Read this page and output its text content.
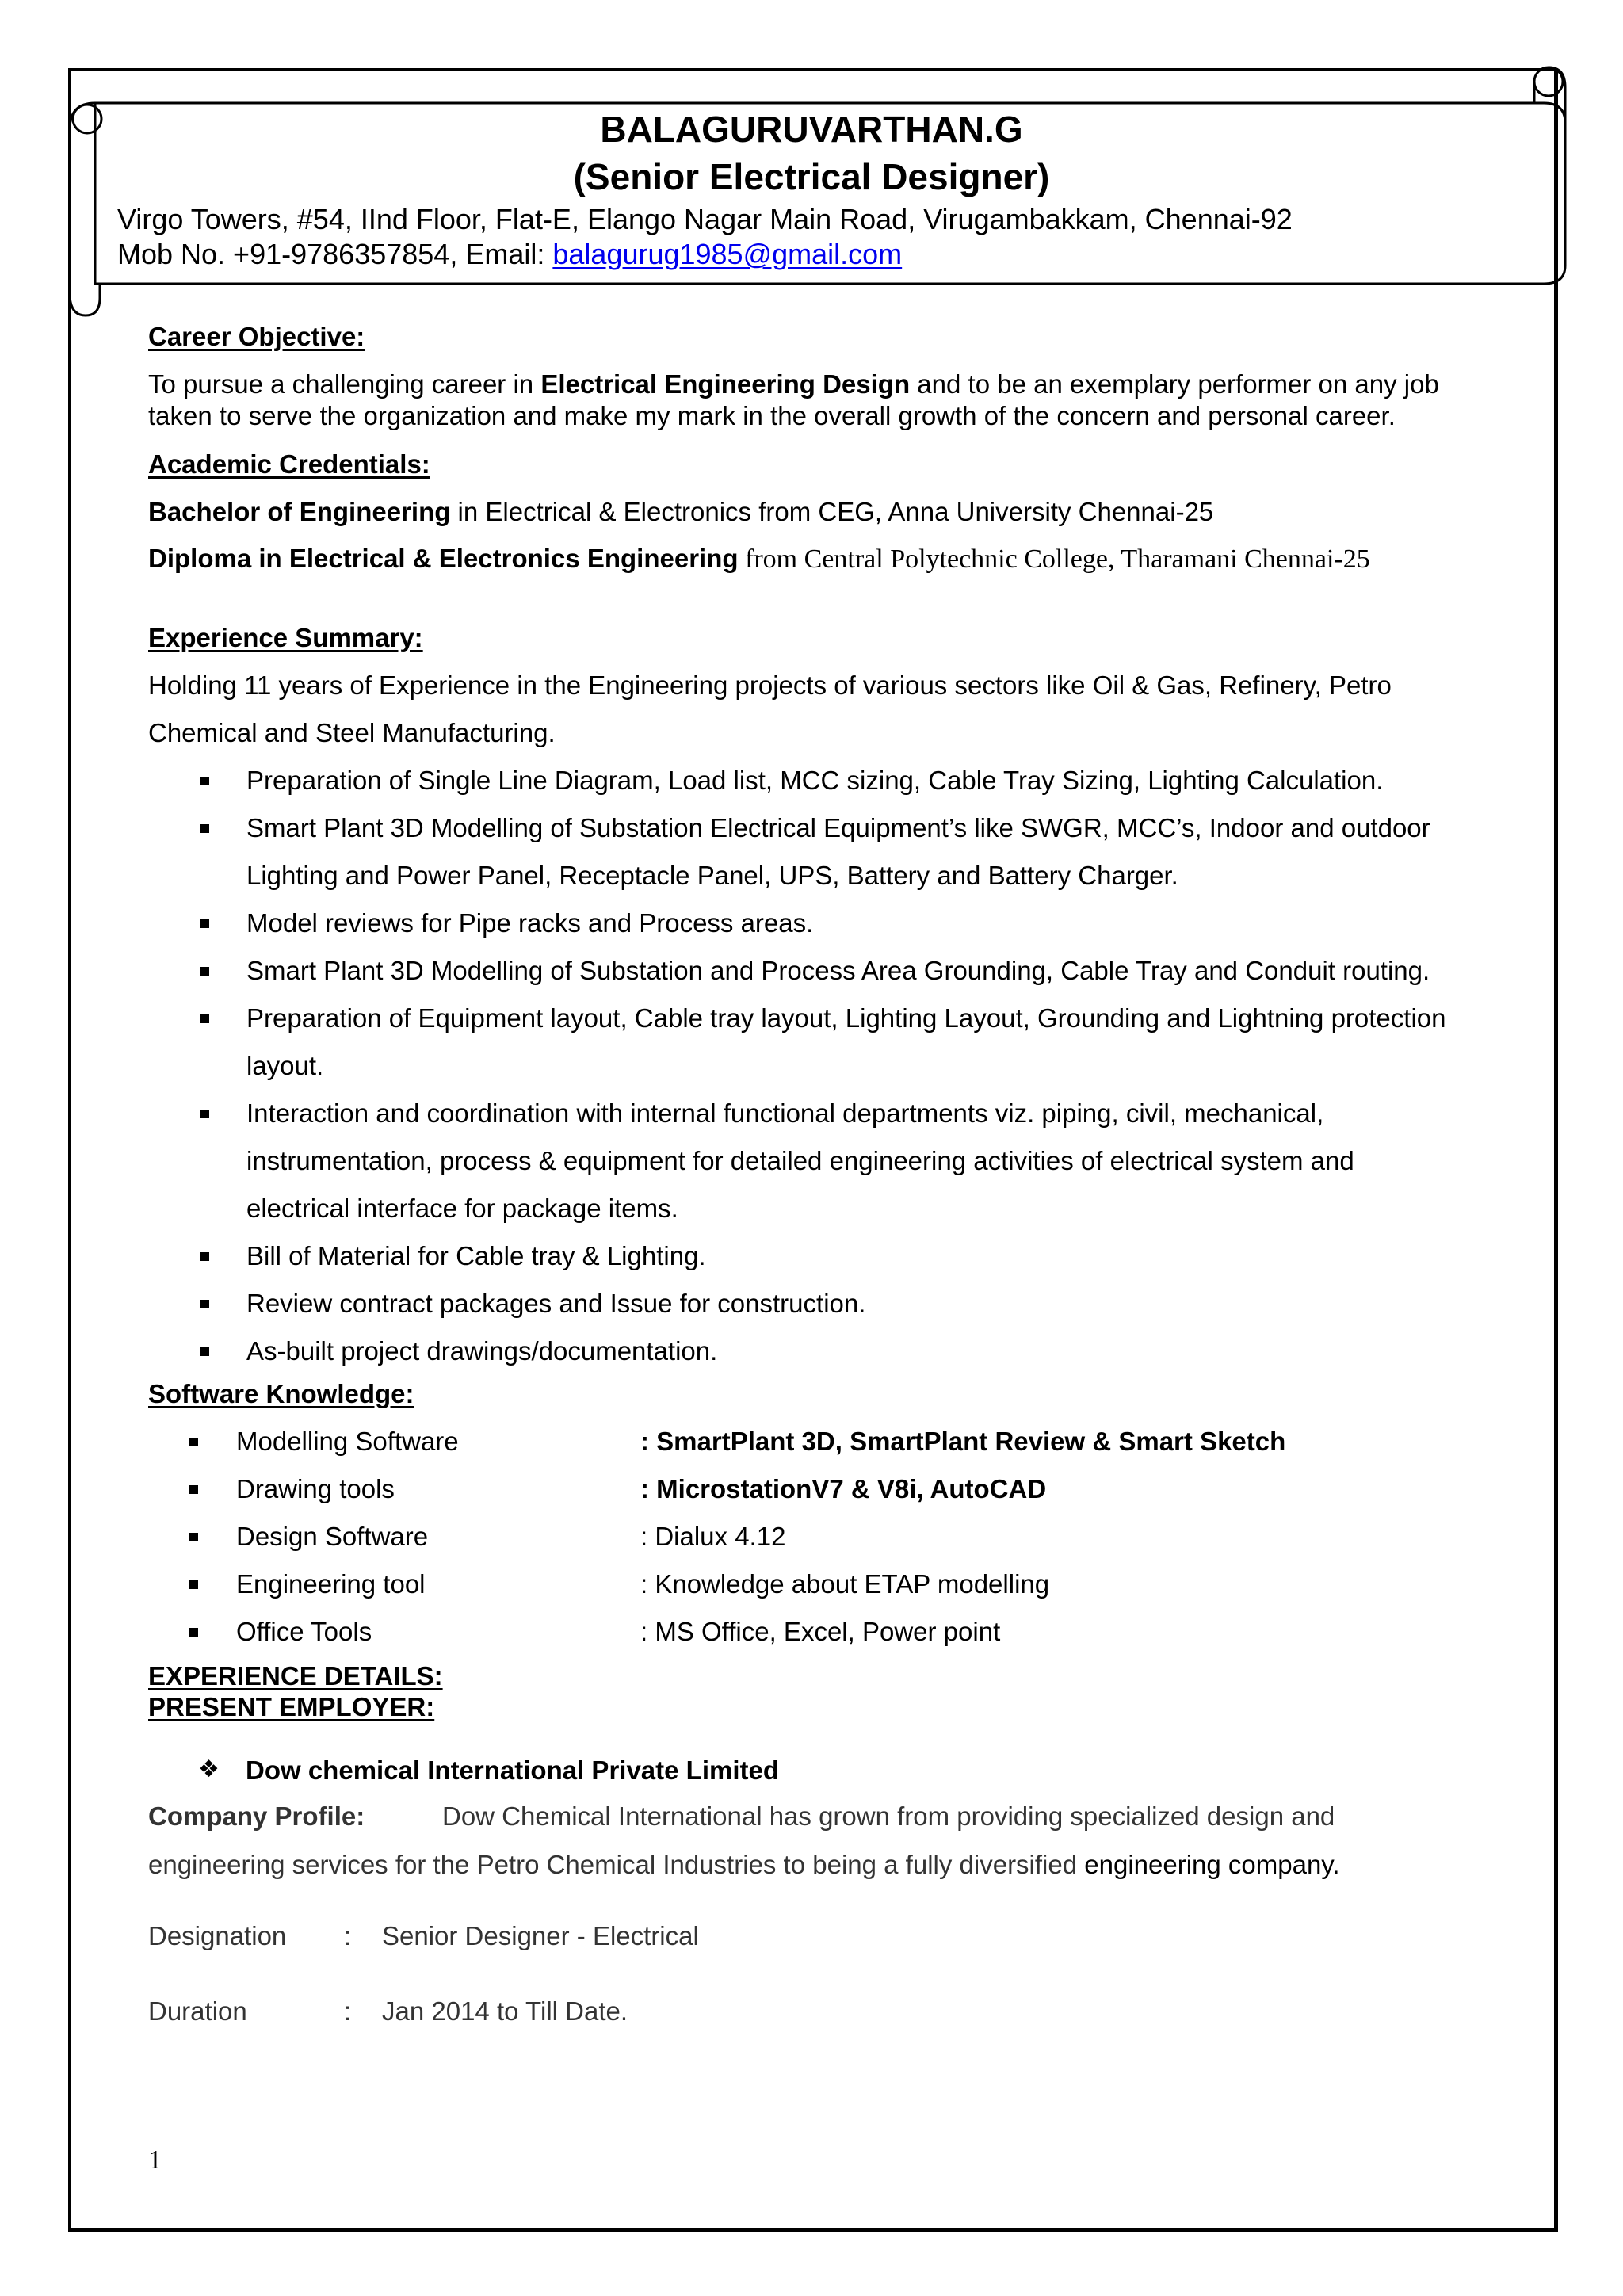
BALAGURUVARTHAN.G
(Senior Electrical Designer)
Virgo Towers, #54, IInd Floor, Flat-E, Elango Nagar Main Road, Virugambakkam, Chennai-92
Mob No. +91-9786357854, Email: balagurug1985@gmail.com
Career Objective:
To pursue a challenging career in Electrical Engineering Design and to be an exemplary performer on any job
taken to serve the organization and make my mark in the overall growth of the concern and personal career.
Academic Credentials:
Bachelor of Engineering in Electrical & Electronics from CEG, Anna University Chennai-25
Diploma in Electrical & Electronics Engineering from Central Polytechnic College, Tharamani Chennai-25
Experience Summary:
Holding 11 years of Experience in the Engineering projects of various sectors like Oil & Gas, Refinery, Petro
Chemical and Steel Manufacturing.
Preparation of Single Line Diagram, Load list, MCC sizing, Cable Tray Sizing, Lighting Calculation.
Smart Plant 3D Modelling of Substation Electrical Equipment’s like SWGR, MCC’s, Indoor and outdoor
Lighting and Power Panel, Receptacle Panel, UPS, Battery and Battery Charger.
Model reviews for Pipe racks and Process areas.
Smart Plant 3D Modelling of Substation and Process Area Grounding, Cable Tray and Conduit routing.
Preparation of Equipment layout, Cable tray layout, Lighting Layout, Grounding and Lightning protection
layout.
Interaction and coordination with internal functional departments viz. piping, civil, mechanical,
instrumentation, process & equipment for detailed engineering activities of electrical system and
electrical interface for package items.
Bill of Material for Cable tray & Lighting.
Review contract packages and Issue for construction.
As-built project drawings/documentation.
Software Knowledge:
Modelling Software	: SmartPlant 3D, SmartPlant Review & Smart Sketch
Drawing tools	: MicrostationV7 & V8i, AutoCAD
Design Software	: Dialux 4.12
Engineering tool	: Knowledge about ETAP modelling
Office Tools	: MS Office, Excel, Power point
EXPERIENCE DETAILS:
PRESENT EMPLOYER:
❖ Dow chemical International Private Limited
Company Profile:	Dow Chemical International has grown from providing specialized design and
engineering services for the Petro Chemical Industries to being a fully diversified engineering company.
Designation : Senior Designer - Electrical
Duration	: Jan 2014 to Till Date.
1
